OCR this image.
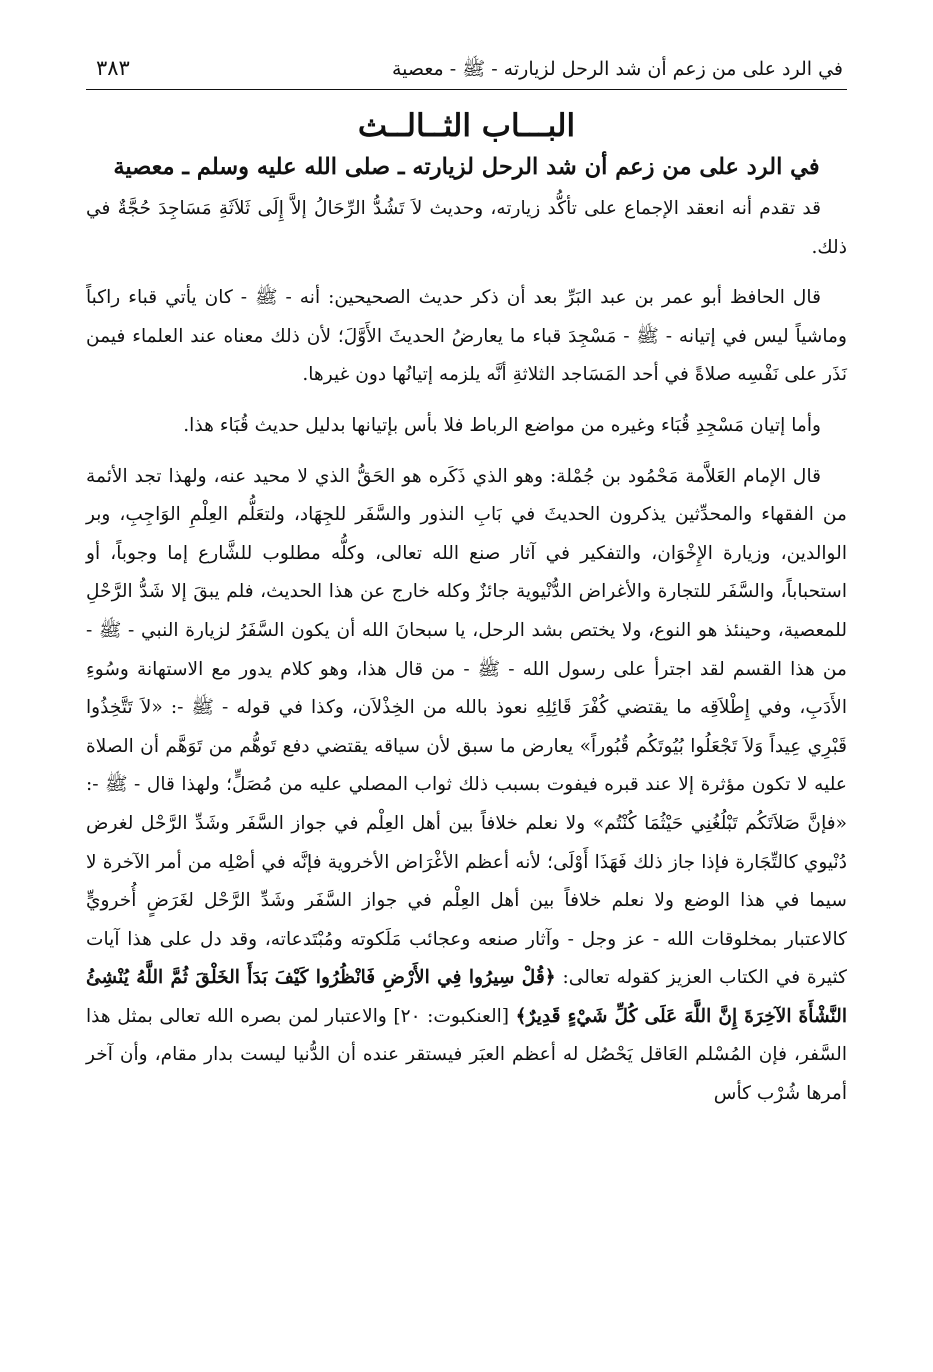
في الرد على من زعم أن شد الرحل لزيارته - ﷺ - معصية
٣٨٣
البـــاب الثــالــث
في الرد على من زعم أن شد الرحل لزيارته ـ صلى الله عليه وسلم ـ معصية

قد تقدم أنه انعقد الإجماع على تأكُّد زيارته، وحديث لاَ تَشُدُّ الرِّحَالُ إلاَّ إِلَى ثَلاَثَةِ مَسَاجِدَ حُجَّةٌ في ذلك.

قال الحافظ أبو عمر بن عبد البَرِّ بعد أن ذكر حديث الصحيحين: أنه - ﷺ - كان يأتي قباء راكباً وماشياً ليس في إتيانه - ﷺ - مَسْجِدَ قباء ما يعارضُ الحديثَ الأَوَّلَ؛ لأن ذلك معناه عند العلماء فيمن نَذَر على نَفْسِه صلاةً في أحد المَسَاجد الثلاثةِ أنَّه يلزمه إتيانُها دون غيرها.

وأما إتيان مَسْجِدِ قُبَاء وغيره من مواضع الرباط فلا بأس بإتيانها بدليل حديث قُبَاء هذا.

قال الإمام العَلاَّمة مَحْمُود بن جُمْلة: وهو الذي ذَكَره هو الحَقُّ الذي لا محيد عنه، ولهذا تجد الأئمة من الفقهاء والمحدِّثين يذكرون الحديثَ في بَابِ النذور والسَّفَر للجِهَاد، ولتعَلُّم العِلْمِ الوَاجِبِ، وبر الوالدين، وزيارة الإِخْوَان، والتفكير في آثار صنع الله تعالى، وكلُّه مطلوب للشَّارع إما وجوباً، أو استحباباً، والسَّفَر للتجارة والأغراض الدُّنْيوية جائزٌ وكله خارج عن هذا الحديث، فلم يبقَ إلا شَدُّ الرَّحْلِ للمعصية، وحينئذ هو النوع، ولا يختص بشد الرحل، يا سبحانَ الله أن يكون السَّفَرُ لزيارة النبي - ﷺ - من هذا القسم لقد اجترأ على رسول الله - ﷺ - من قال هذا، وهو كلام يدور مع الاستهانة وسُوءِ الأَدَبِ، وفي إِطْلاَقِه ما يقتضي كُفْرَ قَائِلِهِ نعوذ بالله من الخِذْلاَن، وكذا في قوله - ﷺ -: «لاَ تَتَّخِذُوا قَبْرِي عِيداً وَلاَ تَجْعَلُوا بُيُوتَكُم قُبُوراً» يعارض ما سبق لأن سياقه يقتضي دفع تَوهُّم من تَوَهَّم أن الصلاة عليه لا تكون مؤثرة إلا عند قبره فيفوت بسبب ذلك ثواب المصلي عليه من مُصَلٍّ؛ ولهذا قال - ﷺ -: «فإنَّ صَلاَتَكُم تَبْلُغُنِي حَيْثُمَا كُنْتُم» ولا نعلم خلافاً بين أهل العِلْم في جواز السَّفَر وشَدِّ الرَّحْل لغرض دُنْيوي كالتِّجَارة فإذا جاز ذلك فَهَذَا أَوْلَى؛ لأنه أعظم الأغْرَاض الأخروية فإنَّه في أصْلِه من أمر الآخرة لا سيما في هذا الوضع ولا نعلم خلافاً بين أهل العِلْم في جواز السَّفَر وشَدِّ الرَّحْل لغَرَضٍ أُخرويٍّ كالاعتبار بمخلوقات الله - عز وجل - وآثار صنعه وعجائب مَلَكوته ومُبْتَدعاته، وقد دل على هذا آيات كثيرة في الكتاب العزيز كقوله تعالى: ﴿قُلْ سِيرُوا فِي الأَرْضِ فَانْظُرُوا كَيْفَ بَدَأَ الخَلْقَ ثُمَّ اللَّهُ يُنْشِئُ النَّشْأَةَ الآخِرَةَ إِنَّ اللَّهَ عَلَى كُلِّ شَيْءٍ قَدِيرٌ﴾ [العنكبوت: ٢٠] والاعتبار لمن بصره الله تعالى بمثل هذا السَّفر، فإن المُسْلم العَاقل يَحْصُل له أعظم العبَر فيستقر عنده أن الدُّنيا ليست بدار مقام، وأن آخر أمرها شُرْب كأس
